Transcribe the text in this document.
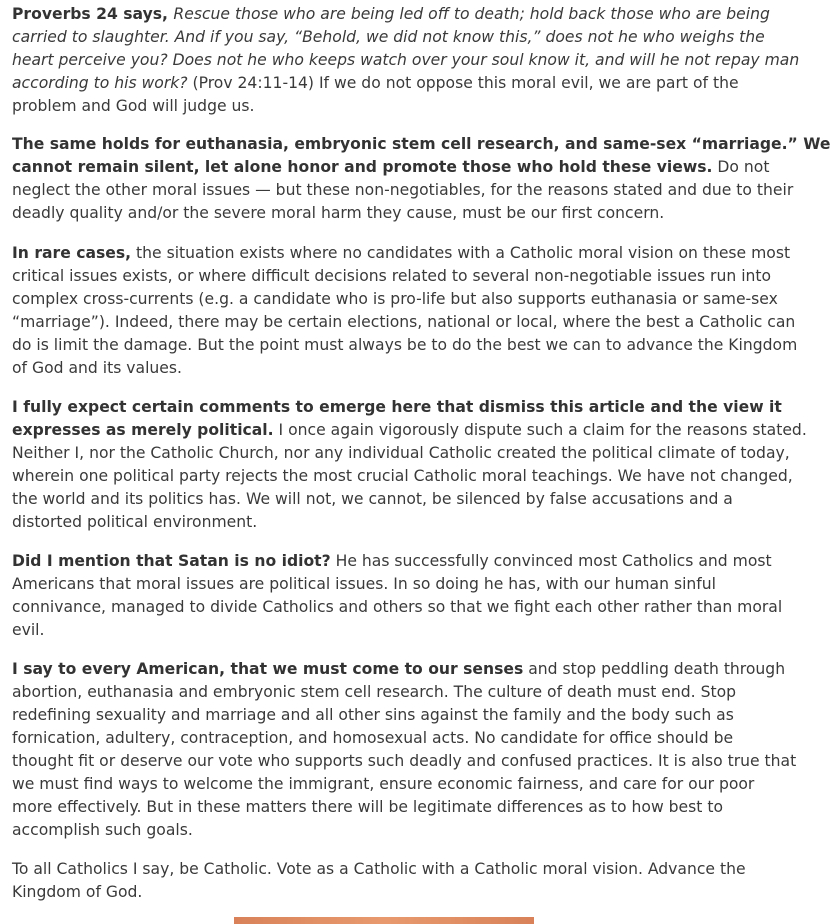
Proverbs 24 says, Rescue those who are being led off to death; hold back those who are being
carried to slaughter. And if you say, “Behold, we did not know this,” does not he who weighs the
heart perceive you? Does not he who keeps watch over your soul know it, and will he not repay man
according to his work? (Prov 24:11-14) If we do not oppose this moral evil, we are part of the
problem and God will judge us.
The same holds for euthanasia, embryonic stem cell research, and same-sex “marriage.” We
cannot remain silent, let alone honor and promote those who hold these views. Do not
neglect the other moral issues — but these non-negotiables, for the reasons stated and due to their
deadly quality and/or the severe moral harm they cause, must be our first concern.
In rare cases, the situation exists where no candidates with a Catholic moral vision on these most
critical issues exists, or where difficult decisions related to several non-negotiable issues run into
complex cross-currents (e.g. a candidate who is pro-life but also supports euthanasia or same-sex
“marriage”). Indeed, there may be certain elections, national or local, where the best a Catholic can
do is limit the damage. But the point must always be to do the best we can to advance the Kingdom
of God and its values.
I fully expect certain comments to emerge here that dismiss this article and the view it
expresses as merely political. I once again vigorously dispute such a claim for the reasons stated.
Neither I, nor the Catholic Church, nor any individual Catholic created the political climate of today,
wherein one political party rejects the most crucial Catholic moral teachings. We have not changed,
the world and its politics has. We will not, we cannot, be silenced by false accusations and a
distorted political environment.
Did I mention that Satan is no idiot? He has successfully convinced most Catholics and most
Americans that moral issues are political issues. In so doing he has, with our human sinful
connivance, managed to divide Catholics and others so that we fight each other rather than moral
evil.
I say to every American, that we must come to our senses and stop peddling death through
abortion, euthanasia and embryonic stem cell research. The culture of death must end. Stop
redefining sexuality and marriage and all other sins against the family and the body such as
fornication, adultery, contraception, and homosexual acts. No candidate for office should be
thought fit or deserve our vote who supports such deadly and confused practices. It is also true that
we must find ways to welcome the immigrant, ensure economic fairness, and care for our poor
more effectively. But in these matters there will be legitimate differences as to how best to
accomplish such goals.
To all Catholics I say, be Catholic. Vote as a Catholic with a Catholic moral vision. Advance the
Kingdom of God.
